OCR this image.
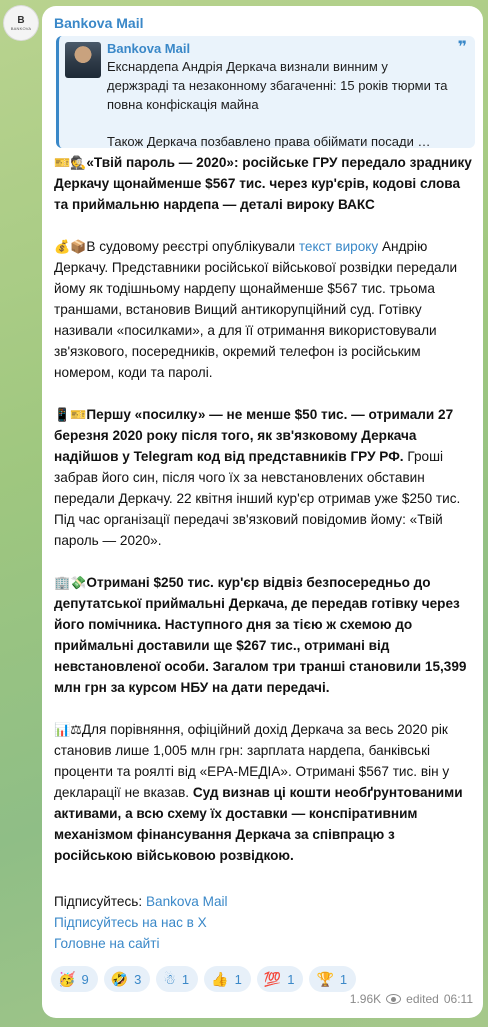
B
BANKOVA Bankova Mail
❞
Bankova Mail
Екснардепа Андрія Деркача визнали винним у держзраді та незаконному збагаченні: 15 років тюрми та повна конфіскація майна
Також Деркача позбавлено права обіймати посади …

🎫🕵«Твій пароль — 2020»: російське ГРУ передало зраднику Деркачу щонайменше $567 тис. через кур'єрів, кодові слова та приймальню нардепа — деталі вироку ВАКС

💰📦В судовому реєстрі опублікували текст вироку Андрію Деркачу. Представники російської військової розвідки передали йому як тодішньому нардепу щонайменше $567 тис. трьома траншами, встановив Вищий антикорупційний суд. Готівку називали «посилками», а для її отримання використовували зв'язкового, посередників, окремий телефон із російським номером, коди та паролі.

📱🎫Першу «посилку» — не менше $50 тис. — отримали 27 березня 2020 року після того, як зв'язковому Деркача надійшов у Telegram код від представників ГРУ РФ. Гроші забрав його син, після чого їх за невстановлених обставин передали Деркачу. 22 квітня інший кур'єр отримав уже $250 тис. Під час організації передачі зв'язковий повідомив йому: «Твій пароль — 2020».

🏢💸Отримані $250 тис. кур'єр відвіз безпосередньо до депутатської приймальні Деркача, де передав готівку через його помічника. Наступного дня за тією ж схемою до приймальні доставили ще $267 тис., отримані від невстановленої особи. Загалом три транші становили 15,399 млн грн за курсом НБУ на дати передачі.

📊⚖Для порівняння, офіційний дохід Деркача за весь 2020 рік становив лише 1,005 млн грн: зарплата нардепа, банківські проценти та роялті від «ЕРА-МЕДІА». Отримані $567 тис. він у декларації не вказав. Суд визнав ці кошти необґрунтованими активами, а всю схему їх доставки — конспіративним механізмом фінансування Деркача за співпрацю з російською військовою розвідкою.

Підписуйтесь: Bankova Mail
Підписуйтесь на нас в X
Головне на сайті
🥳 9 🤣 3 ☃ 1 👍 1 💯 1 🏆 1
1.96K edited 06:11
